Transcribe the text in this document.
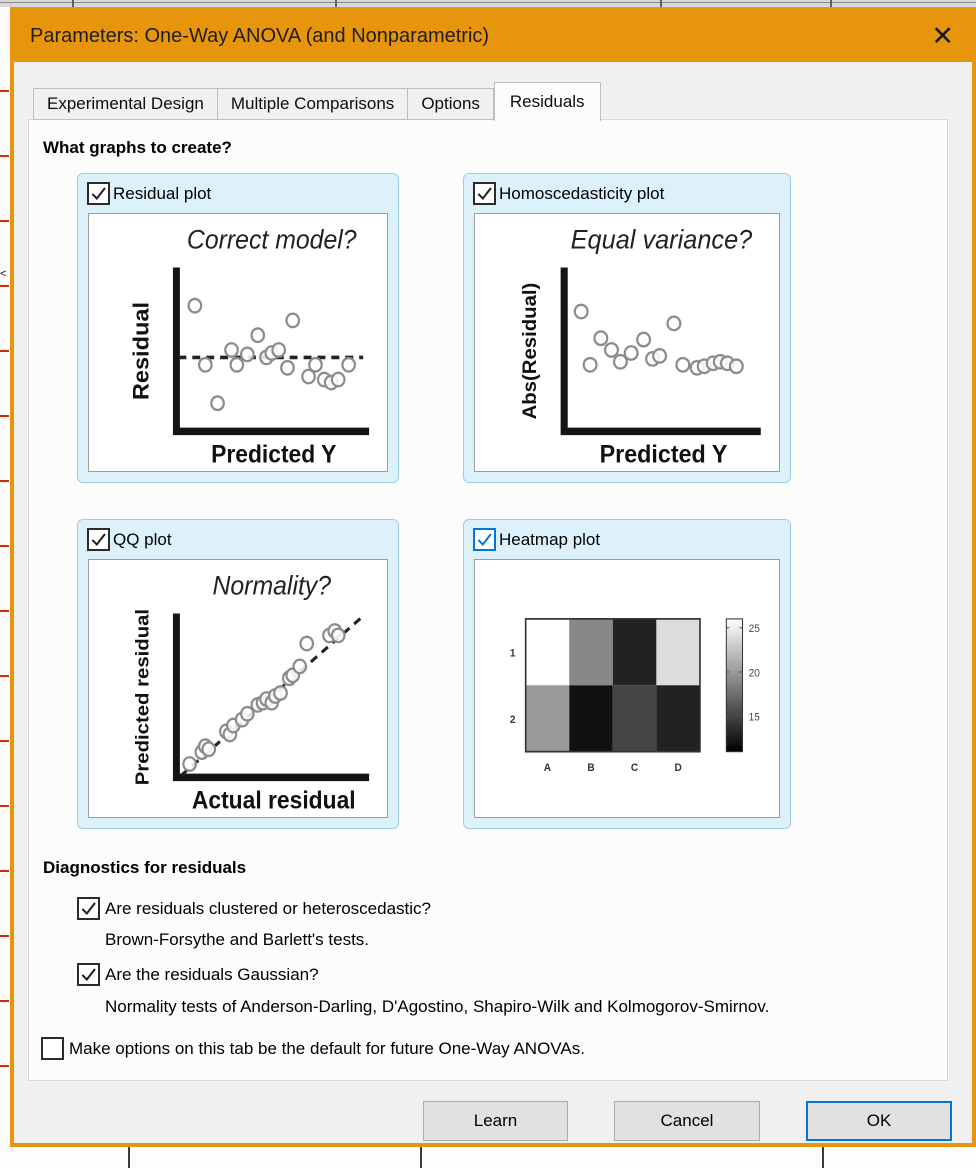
<
Parameters: One-Way ANOVA (and Nonparametric)	✕
Experimental Design	Multiple Comparisons	Options	Residuals
What graphs to create?
Residual plot
Correct model?
Residual
Predicted Y
Homoscedasticity plot
Equal variance?
Abs(Residual)
Predicted Y
QQ plot
Normality?
Predicted residual
Actual residual
Heatmap plot
1
2
A	B	C	D
25
20
15
Diagnostics for residuals
Are residuals clustered or heteroscedastic?
Brown-Forsythe and Barlett's tests.
Are the residuals Gaussian?
Normality tests of Anderson-Darling, D'Agostino, Shapiro-Wilk and Kolmogorov-Smirnov.
Make options on this tab be the default for future One-Way ANOVAs.
Learn	Cancel	OK
